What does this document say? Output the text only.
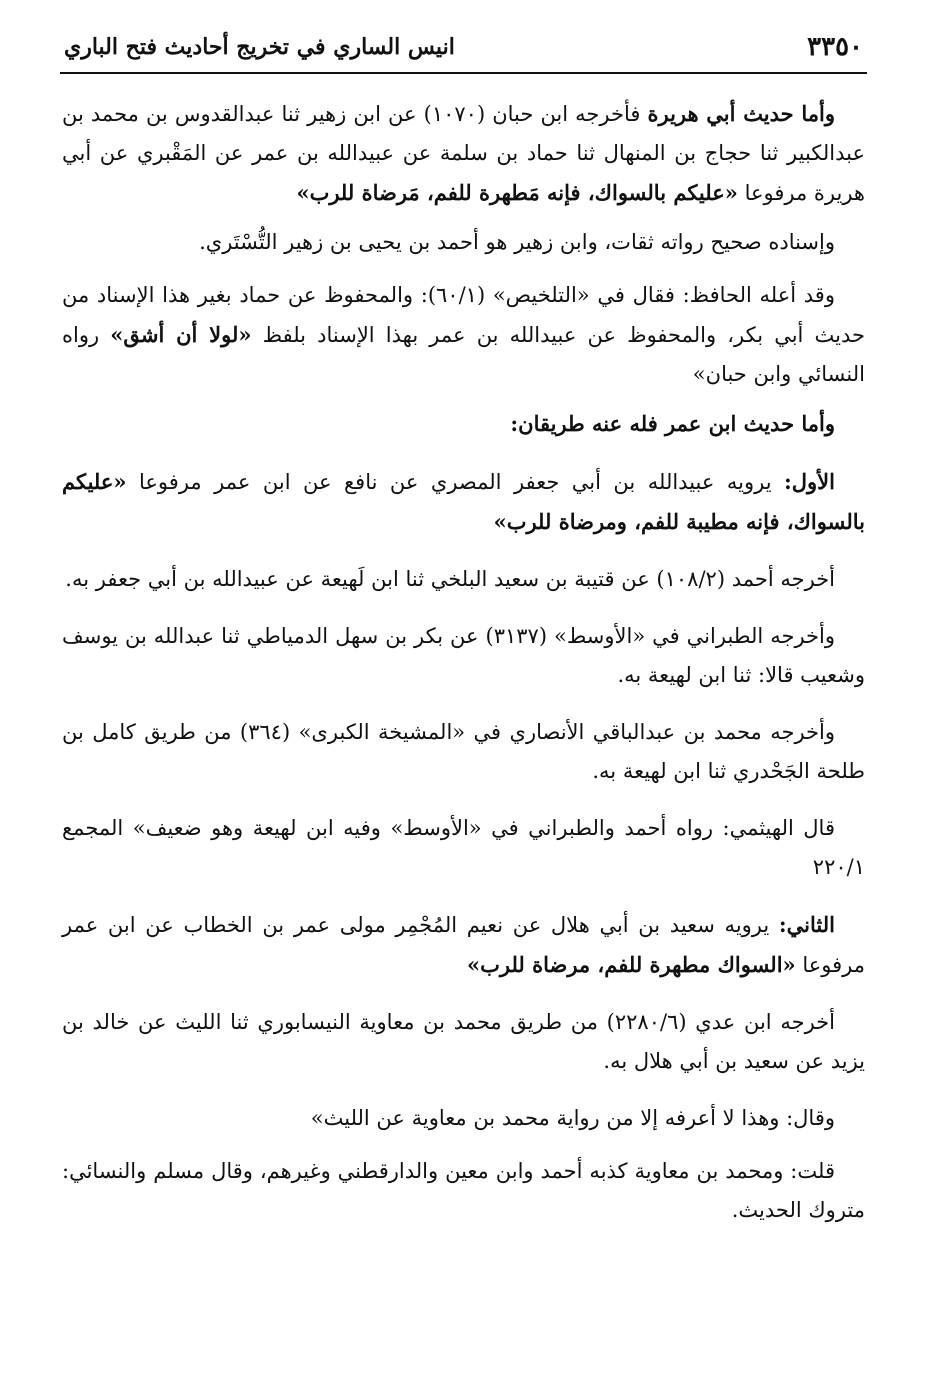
٣٣٥٠
انيس الساري في تخريج أحاديث فتح الباري

وأما حديث أبي هريرة فأخرجه ابن حبان (١٠٧٠) عن ابن زهير ثنا عبدالقدوس بن محمد بن عبدالكبير ثنا حجاج بن المنهال ثنا حماد بن سلمة عن عبيدالله بن عمر عن المَقْبري عن أبي هريرة مرفوعا «عليكم بالسواك، فإنه مَطهرة للفم، مَرضاة للرب»

وإسناده صحيح رواته ثقات، وابن زهير هو أحمد بن يحيى بن زهير التُّسْتَري.

وقد أعله الحافظ: فقال في «التلخيص» (٦٠/١): والمحفوظ عن حماد بغير هذا الإسناد من حديث أبي بكر، والمحفوظ عن عبيدالله بن عمر بهذا الإسناد بلفظ «لولا أن أشق» رواه النسائي وابن حبان»

وأما حديث ابن عمر فله عنه طريقان:

الأول: يرويه عبيدالله بن أبي جعفر المصري عن نافع عن ابن عمر مرفوعا «عليكم بالسواك، فإنه مطيبة للفم، ومرضاة للرب»

أخرجه أحمد (١٠٨/٢) عن قتيبة بن سعيد البلخي ثنا ابن لَهيعة عن عبيدالله بن أبي جعفر به.

وأخرجه الطبراني في «الأوسط» (٣١٣٧) عن بكر بن سهل الدمياطي ثنا عبدالله بن يوسف وشعيب قالا: ثنا ابن لهيعة به.

وأخرجه محمد بن عبدالباقي الأنصاري في «المشيخة الكبرى» (٣٦٤) من طريق كامل بن طلحة الجَحْدري ثنا ابن لهيعة به.

قال الهيثمي: رواه أحمد والطبراني في «الأوسط» وفيه ابن لهيعة وهو ضعيف» المجمع ٢٢٠/١

الثاني: يرويه سعيد بن أبي هلال عن نعيم المُجْمِر مولى عمر بن الخطاب عن ابن عمر مرفوعا «السواك مطهرة للفم، مرضاة للرب»

أخرجه ابن عدي (٢٢٨٠/٦) من طريق محمد بن معاوية النيسابوري ثنا الليث عن خالد بن يزيد عن سعيد بن أبي هلال به.

وقال: وهذا لا أعرفه إلا من رواية محمد بن معاوية عن الليث»

قلت: ومحمد بن معاوية كذبه أحمد وابن معين والدارقطني وغيرهم، وقال مسلم والنسائي: متروك الحديث.
